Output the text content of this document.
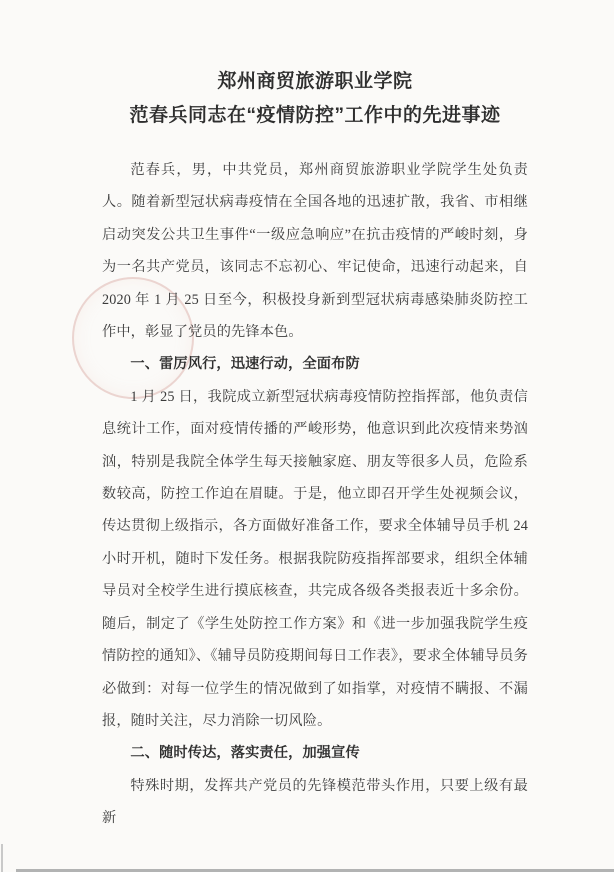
郑州商贸旅游职业学院
范春兵同志在“疫情防控”工作中的先进事迹

范春兵，男，中共党员，郑州商贸旅游职业学院学生处负责人。随着新型冠状病毒疫情在全国各地的迅速扩散，我省、市相继启动突发公共卫生事件“一级应急响应”在抗击疫情的严峻时刻，身为一名共产党员，该同志不忘初心、牢记使命，迅速行动起来，自 2020 年 1 月 25 日至今，积极投身新到型冠状病毒感染肺炎防控工作中，彰显了党员的先锋本色。

一、雷厉风行，迅速行动，全面布防

1 月 25 日，我院成立新型冠状病毒疫情防控指挥部，他负责信息统计工作，面对疫情传播的严峻形势，他意识到此次疫情来势汹汹，特别是我院全体学生每天接触家庭、朋友等很多人员，危险系数较高，防控工作迫在眉睫。于是，他立即召开学生处视频会议，传达贯彻上级指示，各方面做好准备工作，要求全体辅导员手机 24 小时开机，随时下发任务。根据我院防疫指挥部要求，组织全体辅导员对全校学生进行摸底核查，共完成各级各类报表近十多余份。随后，制定了《学生处防控工作方案》和《进一步加强我院学生疫情防控的通知》、《辅导员防疫期间每日工作表》，要求全体辅导员务必做到：对每一位学生的情况做到了如指掌，对疫情不瞒报、不漏报，随时关注，尽力消除一切风险。

二、随时传达，落实责任，加强宣传

特殊时期，发挥共产党员的先锋模范带头作用，只要上级有最新
